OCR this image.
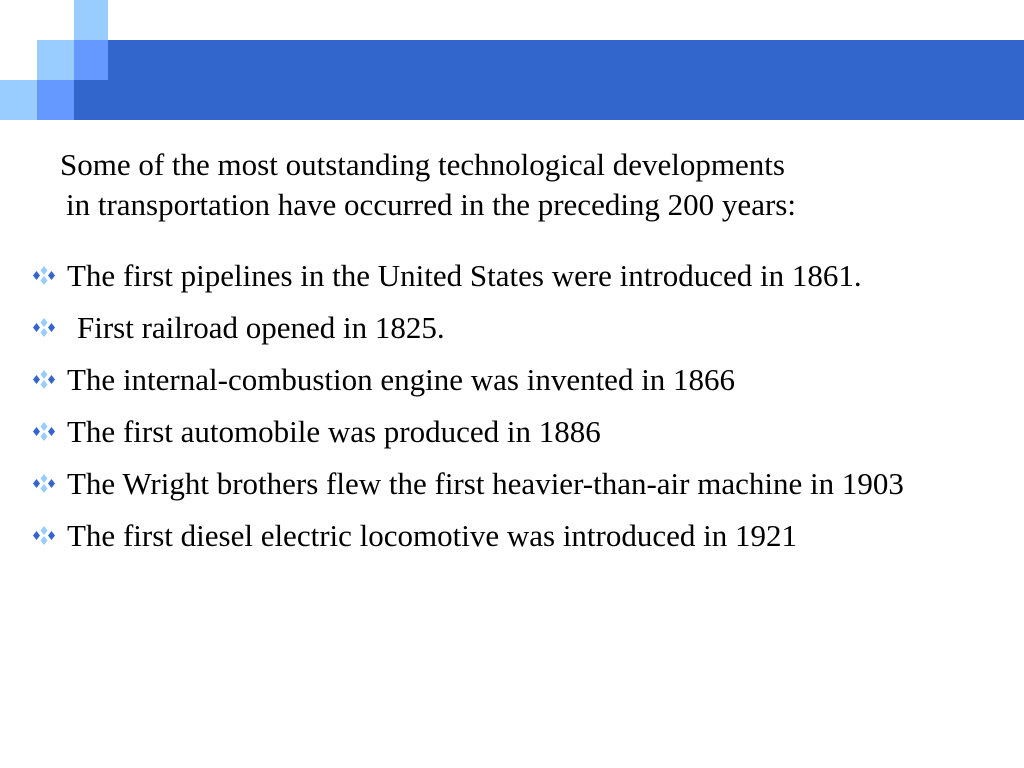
Some of the most outstanding technological developments
in transportation have occurred in the preceding 200 years:
The first pipelines in the United States were introduced in 1861.
First railroad opened in 1825.
The internal-combustion engine was invented in 1866
The first automobile was produced in 1886
The Wright brothers flew the first heavier-than-air machine in 1903
The first diesel electric locomotive was introduced in 1921
